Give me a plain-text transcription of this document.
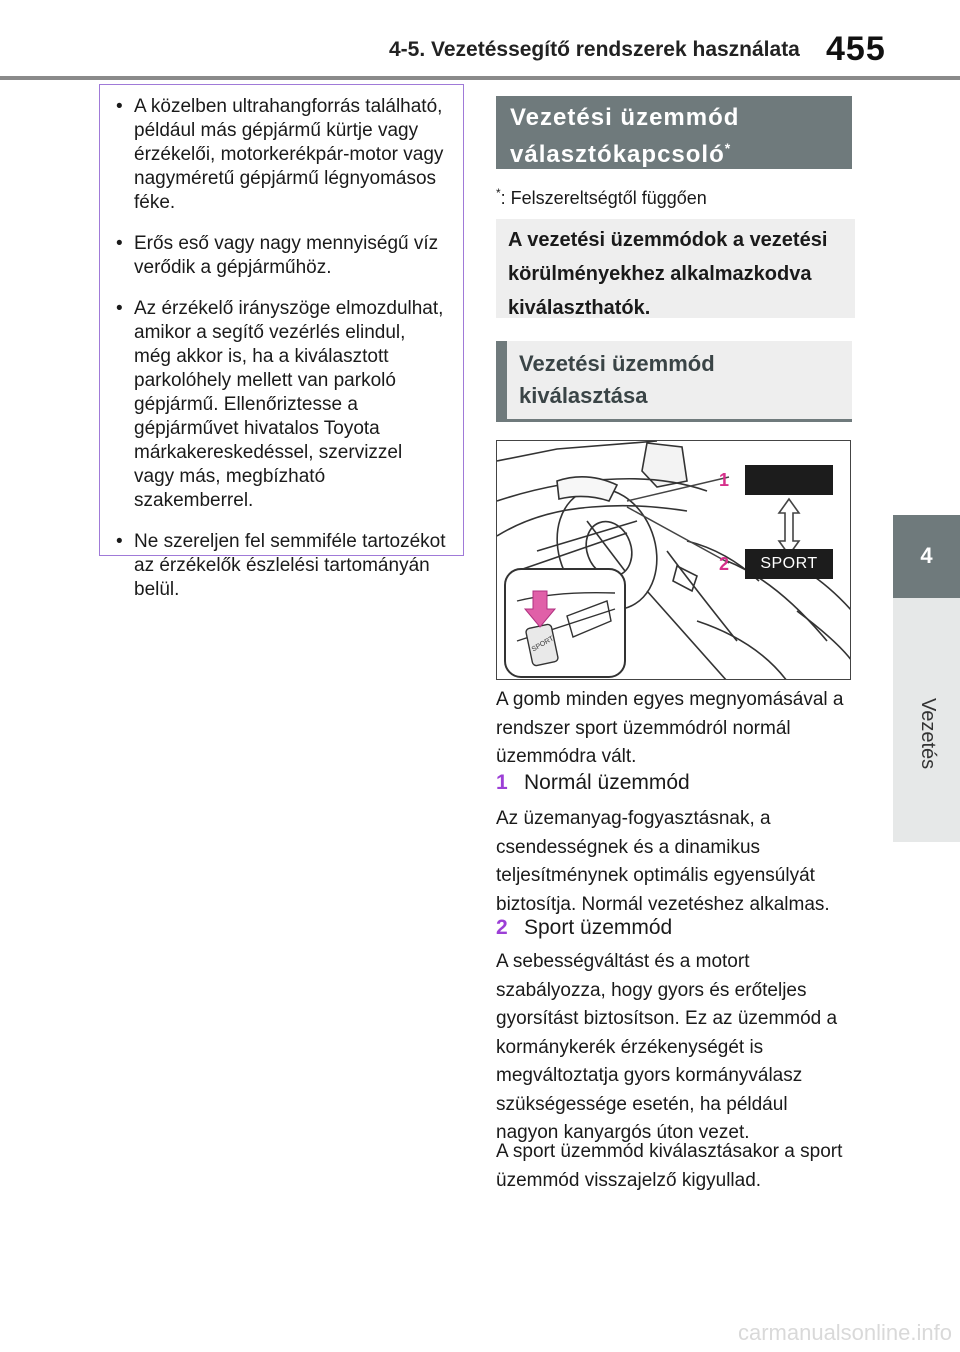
4-5. Vezetéssegítő rendszerek használata 455
4
Vezetés
• A közelben ultrahangforrás található, például más gépjármű kürtje vagy érzékelői, motorkerékpár-motor vagy nagyméretű gépjármű légnyomásos féke.
• Erős eső vagy nagy mennyiségű víz verődik a gépjárműhöz.
• Az érzékelő irányszöge elmozdulhat, amikor a segítő vezérlés elindul, még akkor is, ha a kiválasztott parkolóhely mellett van parkoló gépjármű. Ellenőriztesse a gépjárművet hivatalos Toyota márkakereskedéssel, szervizzel vagy más, megbízható szakemberrel.
• Ne szereljen fel semmiféle tartozékot az érzékelők észlelési tartományán belül.
Vezetési üzemmód választókapcsoló*
*: Felszereltségtől függően
A vezetési üzemmódok a vezetési körülményekhez alkalmazkodva kiválaszthatók.
Vezetési üzemmód kiválasztása
SPORT
1
2	SPORT
A gomb minden egyes megnyomásával a rendszer sport üzemmódról normál üzemmódra vált.
1 Normál üzemmód
Az üzemanyag-fogyasztásnak, a csendességnek és a dinamikus teljesítménynek optimális egyensúlyát biztosítja. Normál vezetéshez alkalmas.
2 Sport üzemmód
A sebességváltást és a motort szabályozza, hogy gyors és erőteljes gyorsítást biztosítson. Ez az üzemmód a kormánykerék érzékenységét is megváltoztatja gyors kormányválasz szükségessége esetén, ha például nagyon kanyargós úton vezet.
A sport üzemmód kiválasztásakor a sport üzemmód visszajelző kigyullad.
carmanualsonline.info
